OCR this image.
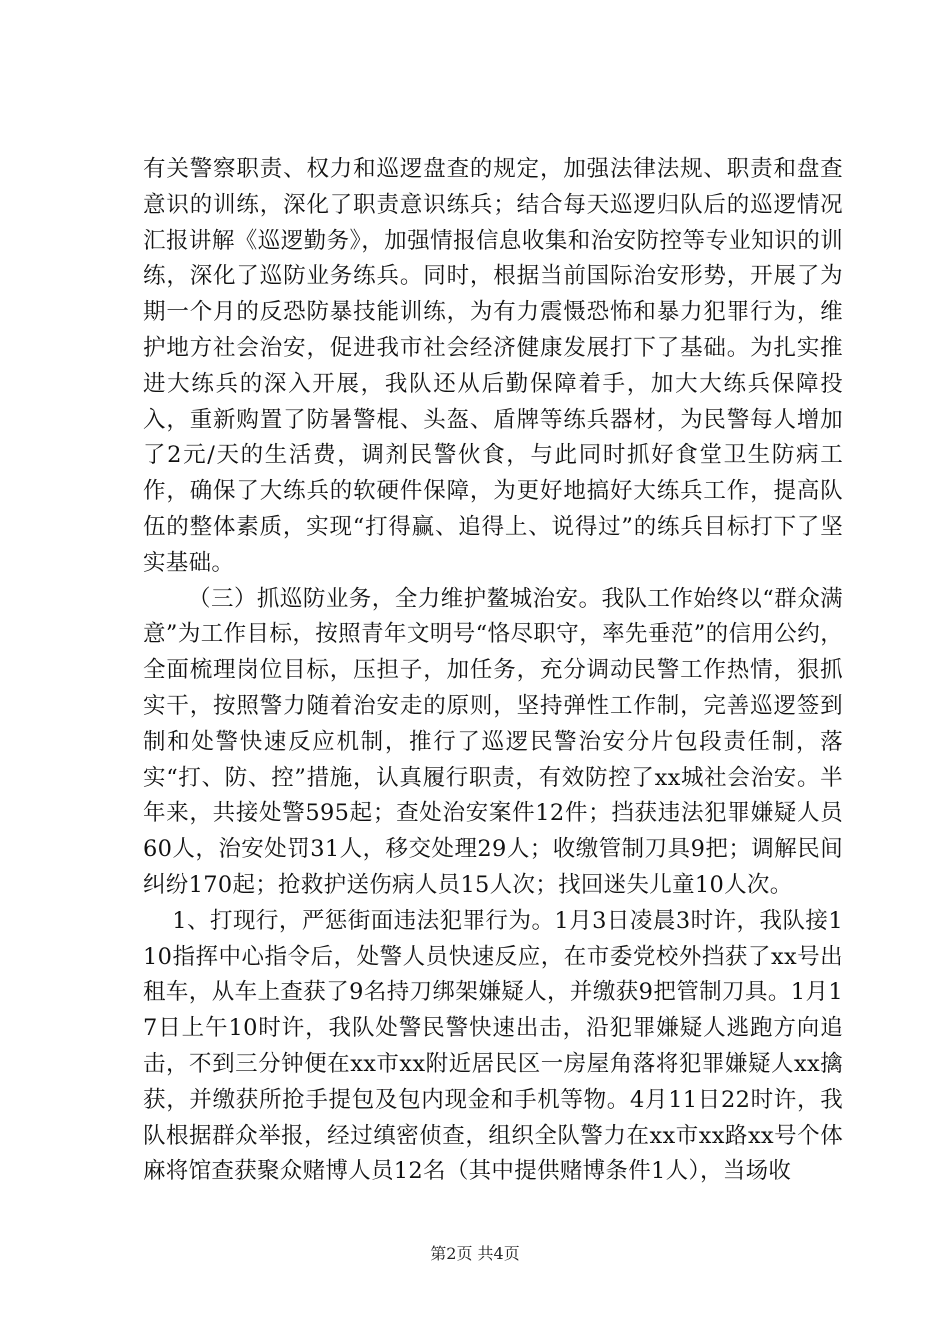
有关警察职责、权力和巡逻盘查的规定，加强法律法规、职责和盘查意识的训练，深化了职责意识练兵；结合每天巡逻归队后的巡逻情况汇报讲解《巡逻勤务》，加强情报信息收集和治安防控等专业知识的训练，深化了巡防业务练兵。同时，根据当前国际治安形势，开展了为期一个月的反恐防暴技能训练，为有力震慑恐怖和暴力犯罪行为，维护地方社会治安，促进我市社会经济健康发展打下了基础。为扎实推进大练兵的深入开展，我队还从后勤保障着手，加大大练兵保障投入，重新购置了防暑警棍、头盔、盾牌等练兵器材，为民警每人增加了2元/天的生活费，调剂民警伙食，与此同时抓好食堂卫生防病工作，确保了大练兵的软硬件保障，为更好地搞好大练兵工作，提高队伍的整体素质，实现“打得赢、追得上、说得过”的练兵目标打下了坚实基础。

（三）抓巡防业务，全力维护鳌城治安。我队工作始终以“群众满意”为工作目标，按照青年文明号“恪尽职守，率先垂范”的信用公约，全面梳理岗位目标，压担子，加任务，充分调动民警工作热情，狠抓实干，按照警力随着治安走的原则，坚持弹性工作制，完善巡逻签到制和处警快速反应机制，推行了巡逻民警治安分片包段责任制，落实“打、防、控”措施，认真履行职责，有效防控了xx城社会治安。半年来，共接处警595起；查处治安案件12件；挡获违法犯罪嫌疑人员60人，治安处罚31人，移交处理29人；收缴管制刀具9把；调解民间纠纷170起；抢救护送伤病人员15人次；找回迷失儿童10人次。

1、打现行，严惩街面违法犯罪行为。1月3日凌晨3时许，我队接110指挥中心指令后，处警人员快速反应，在市委党校外挡获了xx号出租车，从车上查获了9名持刀绑架嫌疑人，并缴获9把管制刀具。1月17日上午10时许，我队处警民警快速出击，沿犯罪嫌疑人逃跑方向追击，不到三分钟便在xx市xx附近居民区一房屋角落将犯罪嫌疑人xx擒获，并缴获所抢手提包及包内现金和手机等物。4月11日22时许，我队根据群众举报，经过缜密侦查，组织全队警力在xx市xx路xx号个体麻将馆查获聚众赌博人员12名（其中提供赌博条件1人），当场收

第2页 共4页
